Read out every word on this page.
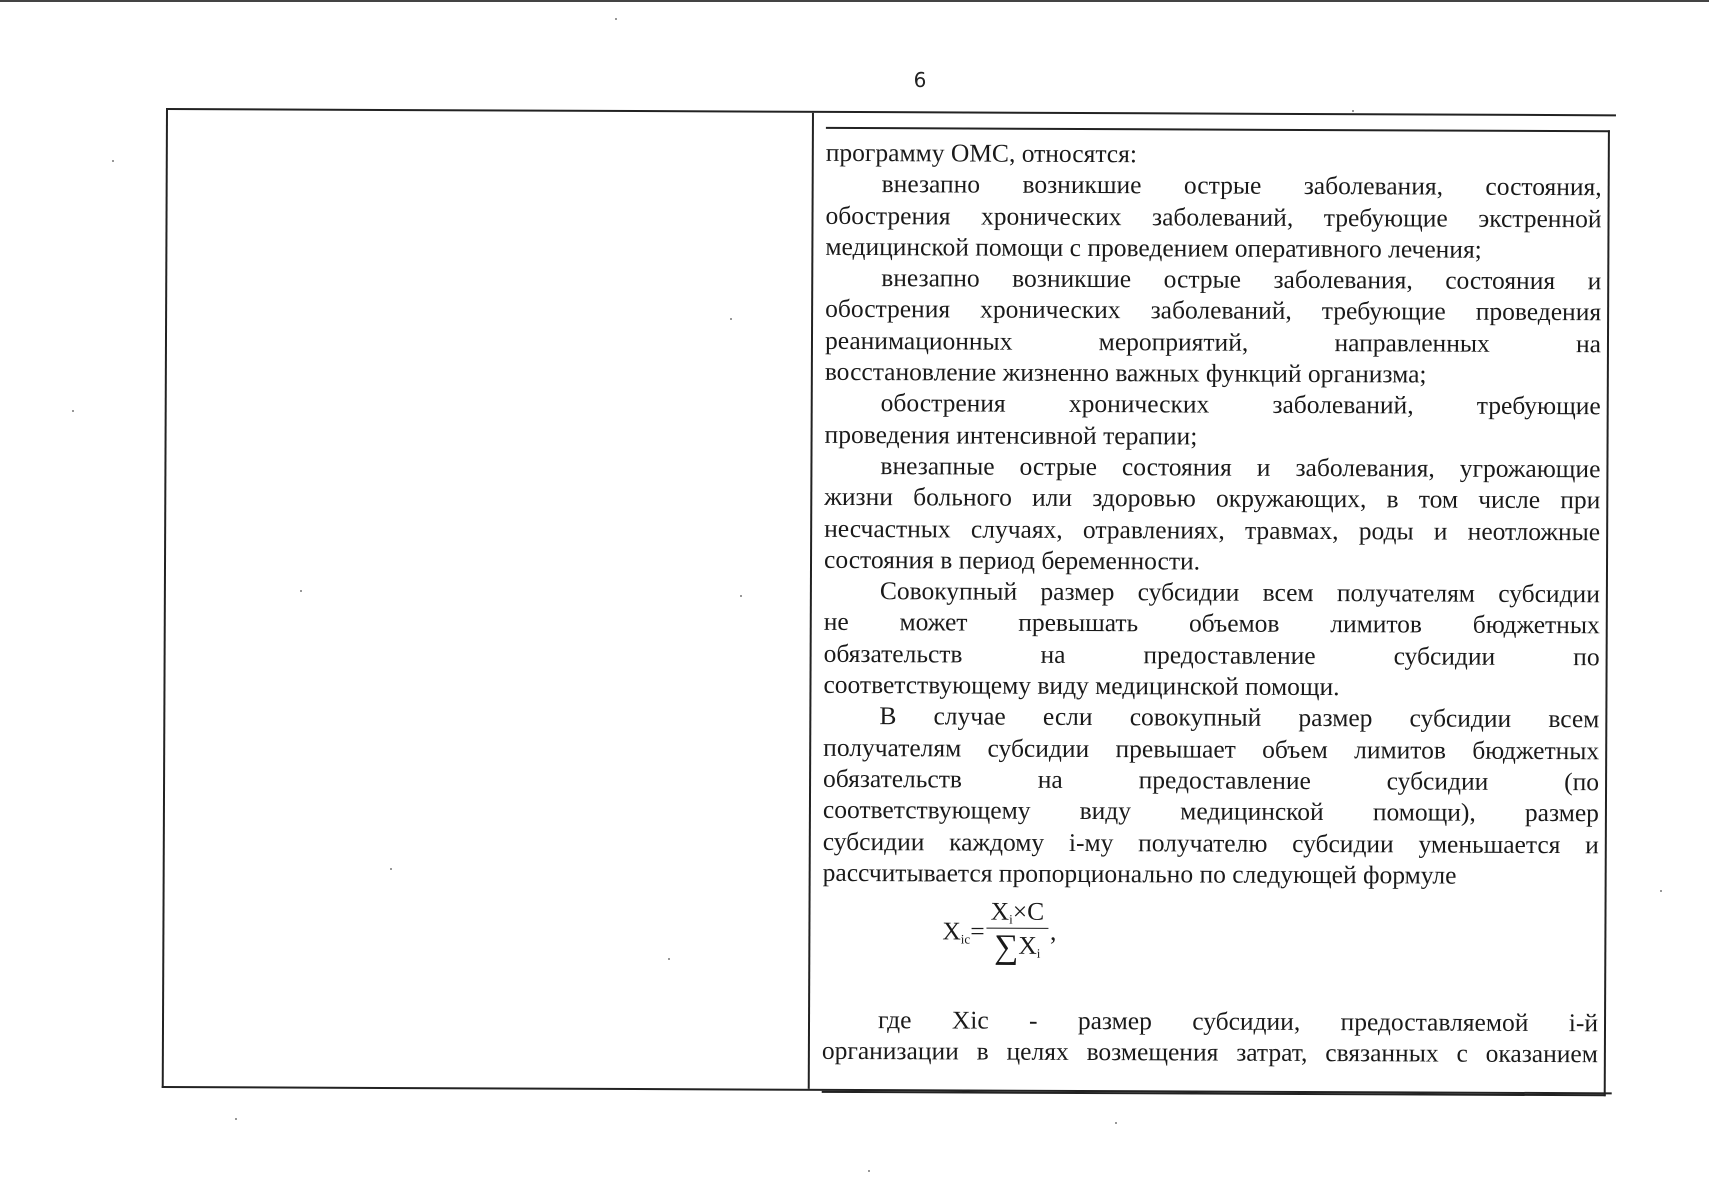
6
программу ОМС, относятся:
внезапно возникшие острые заболевания, состояния,
обострения хронических заболеваний, требующие экстренной
медицинской помощи с проведением оперативного лечения;
внезапно возникшие острые заболевания, состояния и
обострения хронических заболеваний, требующие проведения
реанимационных мероприятий, направленных на
восстановление жизненно важных функций организма;
обострения хронических заболеваний, требующие
проведения интенсивной терапии;
внезапные острые состояния и заболевания, угрожающие
жизни больного или здоровью окружающих, в том числе при
несчастных случаях, отравлениях, травмах, роды и неотложные
состояния в период беременности.
Совокупный размер субсидии всем получателям субсидии
не может превышать объемов лимитов бюджетных
обязательств на предоставление субсидии по
соответствующему виду медицинской помощи.
В случае если совокупный размер субсидии всем
получателям субсидии превышает объем лимитов бюджетных
обязательств на предоставление субсидии (по
соответствующему виду медицинской помощи), размер
субсидии каждому i-му получателю субсидии уменьшается и
рассчитывается пропорционально по следующей формуле
$X_{ic} = \frac{X_i\times C}{\sum X_i}$ ,
где Xic - размер субсидии, предоставляемой i-й
организации в целях возмещения затрат, связанных с оказанием
